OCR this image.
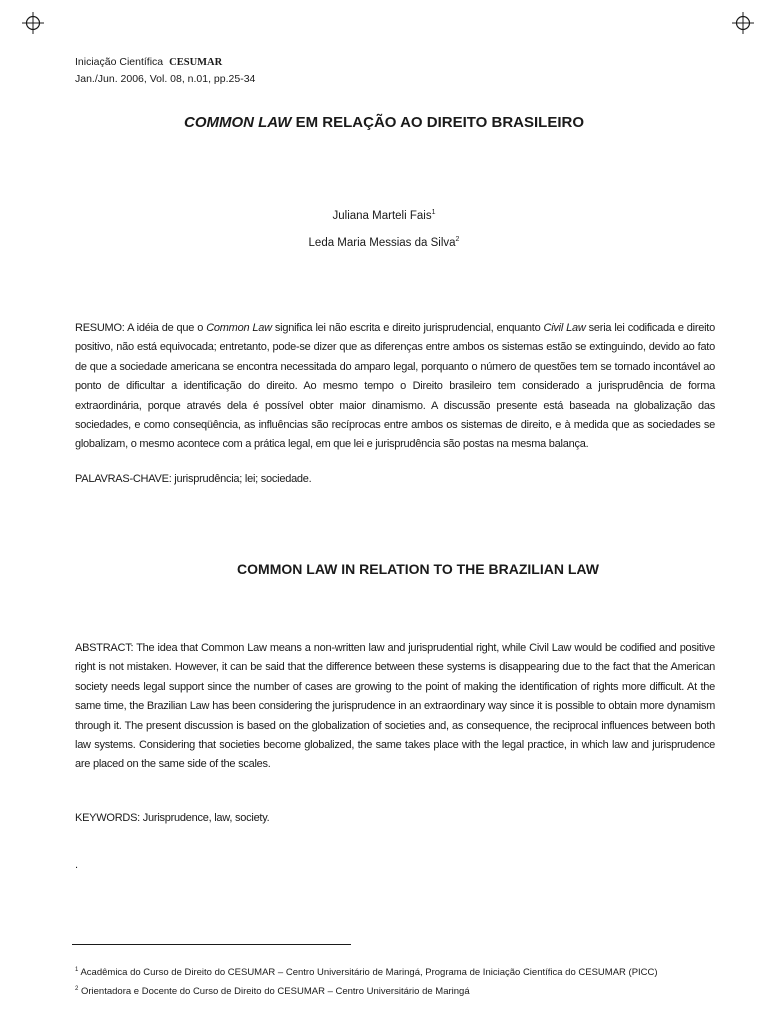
Iniciação Científica CESUMAR
Jan./Jun. 2006, Vol. 08, n.01, pp.25-34
COMMON LAW EM RELAÇÃO AO DIREITO BRASILEIRO
Juliana Marteli Fais$^1$
Leda Maria Messias da Silva$^2$
RESUMO: A idéia de que o Common Law significa lei não escrita e direito jurisprudencial, enquanto Civil Law seria lei codificada e direito positivo, não está equivocada; entretanto, pode-se dizer que as diferenças entre ambos os sistemas estão se extinguindo, devido ao fato de que a sociedade americana se encontra necessitada do amparo legal, porquanto o número de questões tem se tornado incontável ao ponto de dificultar a identificação do direito. Ao mesmo tempo o Direito brasileiro tem considerado a jurisprudência de forma extraordinária, porque através dela é possível obter maior dinamismo. A discussão presente está baseada na globalização das sociedades, e como conseqüência, as influências são recíprocas entre ambos os sistemas de direito, e à medida que as sociedades se globalizam, o mesmo acontece com a prática legal, em que lei e jurisprudência são postas na mesma balança.
PALAVRAS-CHAVE: jurisprudência; lei; sociedade.
COMMON LAW IN RELATION TO THE BRAZILIAN LAW
ABSTRACT: The idea that Common Law means a non-written law and jurisprudential right, while Civil Law would be codified and positive right is not mistaken. However, it can be said that the difference between these systems is disappearing due to the fact that the American society needs legal support since the number of cases are growing to the point of making the identification of rights more difficult. At the same time, the Brazilian Law has been considering the jurisprudence in an extraordinary way since it is possible to obtain more dynamism through it. The present discussion is based on the globalization of societies and, as consequence, the reciprocal influences between both law systems. Considering that societies become globalized, the same takes place with the legal practice, in which law and jurisprudence are placed on the same side of the scales.
KEYWORDS: Jurisprudence, law, society.
.
$^1$ Acadêmica do Curso de Direito do CESUMAR – Centro Universitário de Maringá, Programa de Iniciação Científica do CESUMAR (PICC)
$^2$ Orientadora e Docente do Curso de Direito do CESUMAR – Centro Universitário de Maringá
